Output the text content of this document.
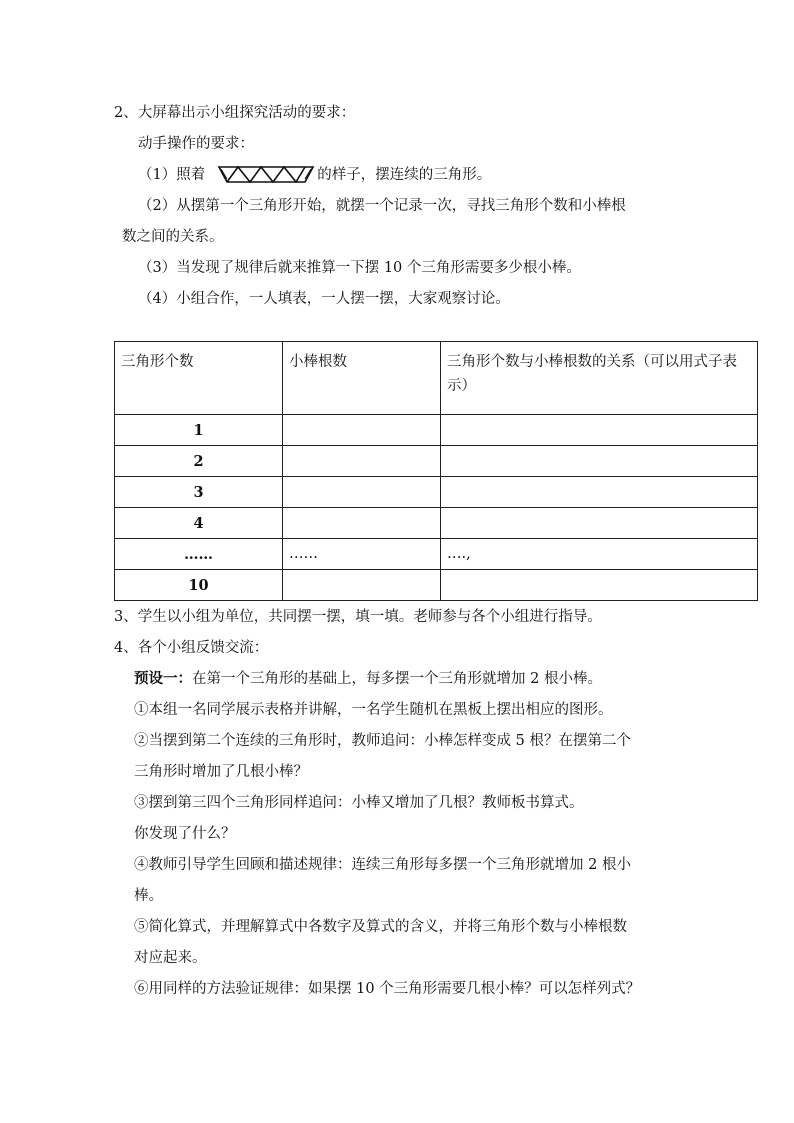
2、大屏幕出示小组探究活动的要求：
动手操作的要求：
（1）照着	的样子，摆连续的三角形。
（2）从摆第一个三角形开始，就摆一个记录一次，寻找三角形个数和小棒根
数之间的关系。
（3）当发现了规律后就来推算一下摆 10 个三角形需要多少根小棒。
（4）小组合作，一人填表，一人摆一摆，大家观察讨论。
三角形个数	小棒根数	三角形个数与小棒根数的关系（可以用式子表示）
1		
2		
3		
4		
……	……	….,
10		
3、学生以小组为单位，共同摆一摆，填一填。老师参与各个小组进行指导。
4、各个小组反馈交流：
预设一：在第一个三角形的基础上，每多摆一个三角形就增加 2 根小棒。
①本组一名同学展示表格并讲解，一名学生随机在黑板上摆出相应的图形。
②当摆到第二个连续的三角形时，教师追问：小棒怎样变成 5 根？在摆第二个
三角形时增加了几根小棒？
③摆到第三四个三角形同样追问：小棒又增加了几根？教师板书算式。
你发现了什么？
④教师引导学生回顾和描述规律：连续三角形每多摆一个三角形就增加 2 根小
棒。
⑤简化算式，并理解算式中各数字及算式的含义，并将三角形个数与小棒根数
对应起来。
⑥用同样的方法验证规律：如果摆 10 个三角形需要几根小棒？可以怎样列式？
